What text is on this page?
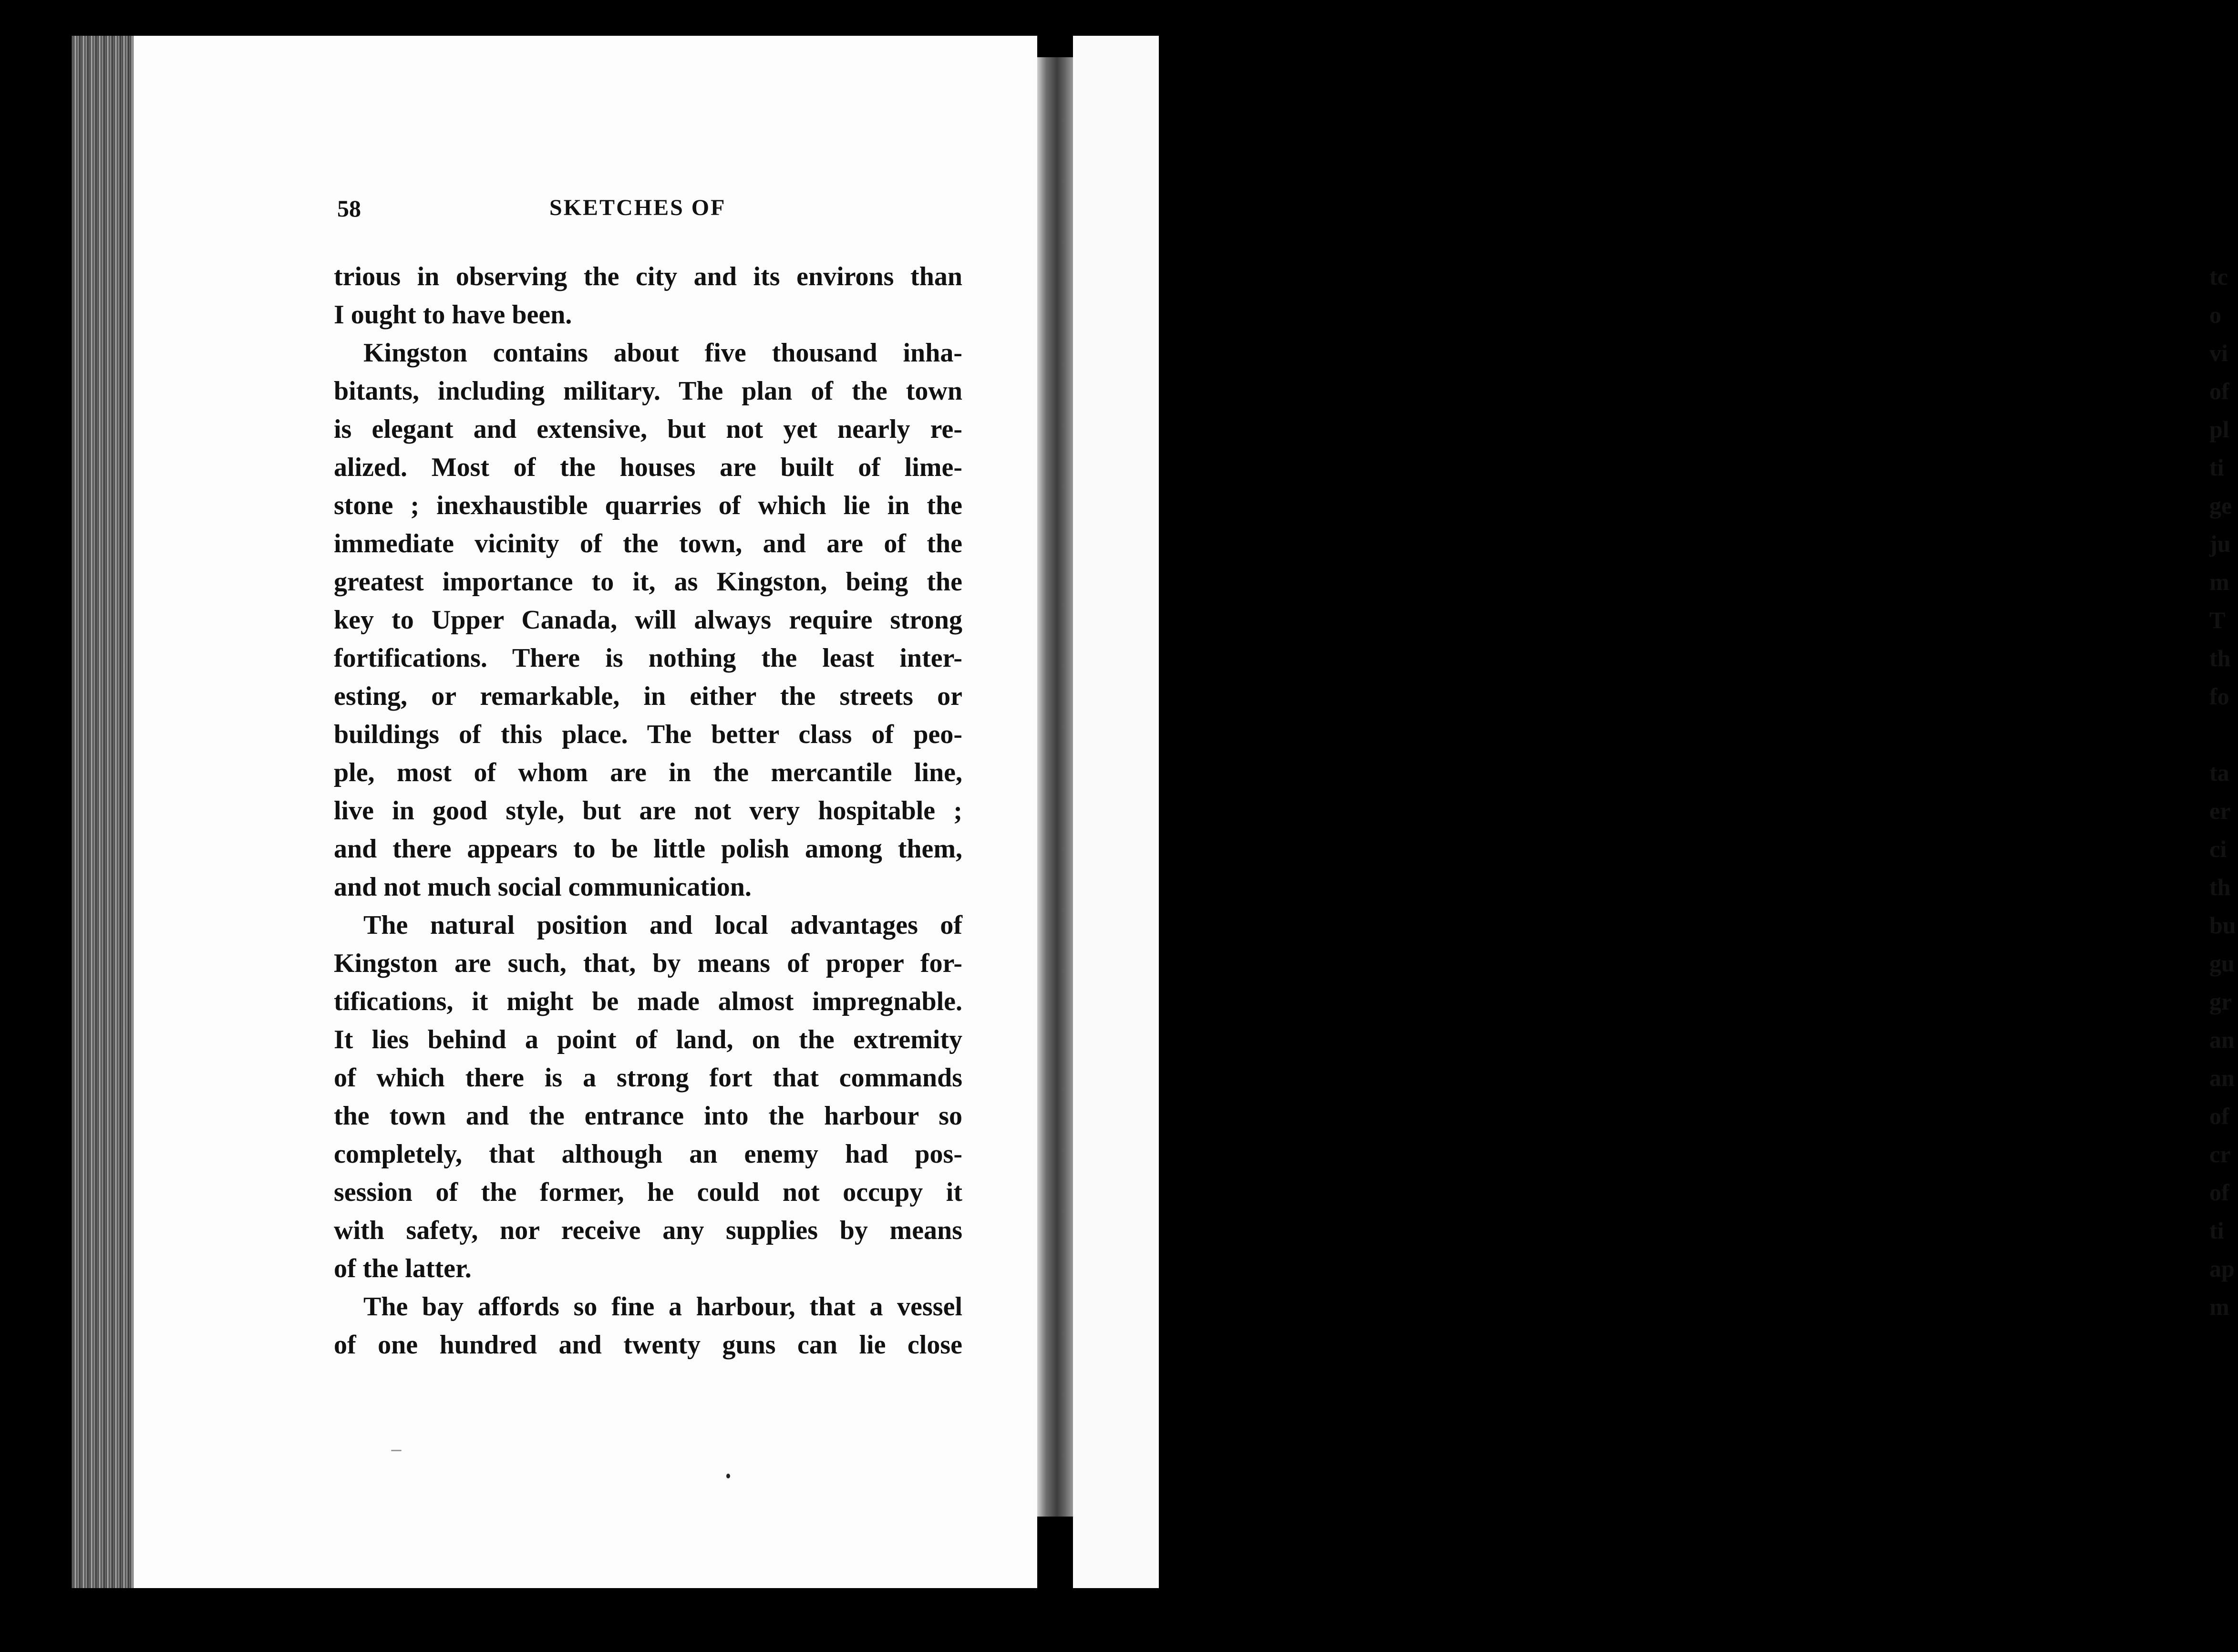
tc
o
vi
of
pl
ti
ge
ju
m
T
th
fo
ta
er
ci
th
bu
gu
gr
an
an
of
cr
of
ti
ap
m
58	SKETCHES OF
trious in observing the city and its environs than
I ought to have been.
Kingston contains about five thousand inha-
bitants, including military. The plan of the town
is elegant and extensive, but not yet nearly re-
alized. Most of the houses are built of lime-
stone ; inexhaustible quarries of which lie in the
immediate vicinity of the town, and are of the
greatest importance to it, as Kingston, being the
key to Upper Canada, will always require strong
fortifications. There is nothing the least inter-
esting, or remarkable, in either the streets or
buildings of this place. The better class of peo-
ple, most of whom are in the mercantile line,
live in good style, but are not very hospitable ;
and there appears to be little polish among them,
and not much social communication.
The natural position and local advantages of
Kingston are such, that, by means of proper for-
tifications, it might be made almost impregnable.
It lies behind a point of land, on the extremity
of which there is a strong fort that commands
the town and the entrance into the harbour so
completely, that although an enemy had pos-
session of the former, he could not occupy it
with safety, nor receive any supplies by means
of the latter.
The bay affords so fine a harbour, that a vessel
of one hundred and twenty guns can lie close
